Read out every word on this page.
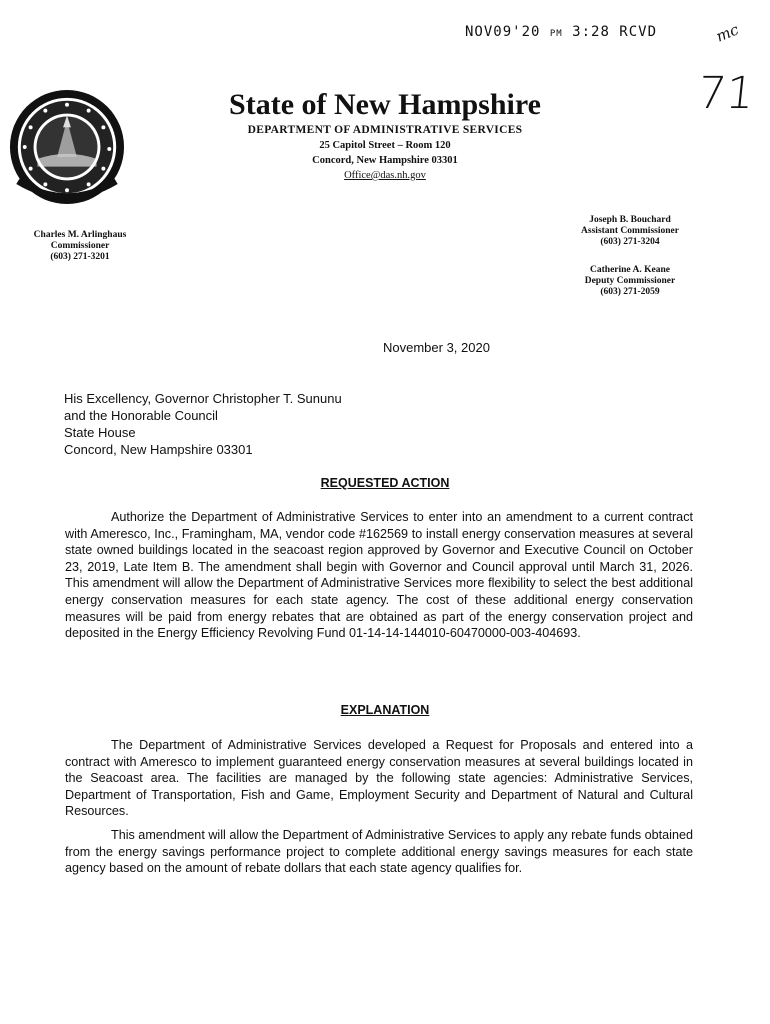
NOV09'20 PM 3:28 RCVD	mc
71
State of New Hampshire
DEPARTMENT OF ADMINISTRATIVE SERVICES
25 Capitol Street – Room 120
Concord, New Hampshire 03301
Office@das.nh.gov
Charles M. Arlinghaus
Commissioner
(603) 271-3201
Joseph B. Bouchard
Assistant Commissioner
(603) 271-3204
Catherine A. Keane
Deputy Commissioner
(603) 271-2059
November 3, 2020
His Excellency, Governor Christopher T. Sununu
and the Honorable Council
State House
Concord, New Hampshire 03301
REQUESTED ACTION
Authorize the Department of Administrative Services to enter into an amendment to a current contract with Ameresco, Inc., Framingham, MA, vendor code #162569 to install energy conservation measures at several state owned buildings located in the seacoast region approved by Governor and Executive Council on October 23, 2019, Late Item B. The amendment shall begin with Governor and Council approval until March 31, 2026. This amendment will allow the Department of Administrative Services more flexibility to select the best additional energy conservation measures for each state agency. The cost of these additional energy conservation measures will be paid from energy rebates that are obtained as part of the energy conservation project and deposited in the Energy Efficiency Revolving Fund 01-14-14-144010-60470000-003-404693.
EXPLANATION
The Department of Administrative Services developed a Request for Proposals and entered into a contract with Ameresco to implement guaranteed energy conservation measures at several buildings located in the Seacoast area. The facilities are managed by the following state agencies: Administrative Services, Department of Transportation, Fish and Game, Employment Security and Department of Natural and Cultural Resources.
This amendment will allow the Department of Administrative Services to apply any rebate funds obtained from the energy savings performance project to complete additional energy savings measures for each state agency based on the amount of rebate dollars that each state agency qualifies for.
